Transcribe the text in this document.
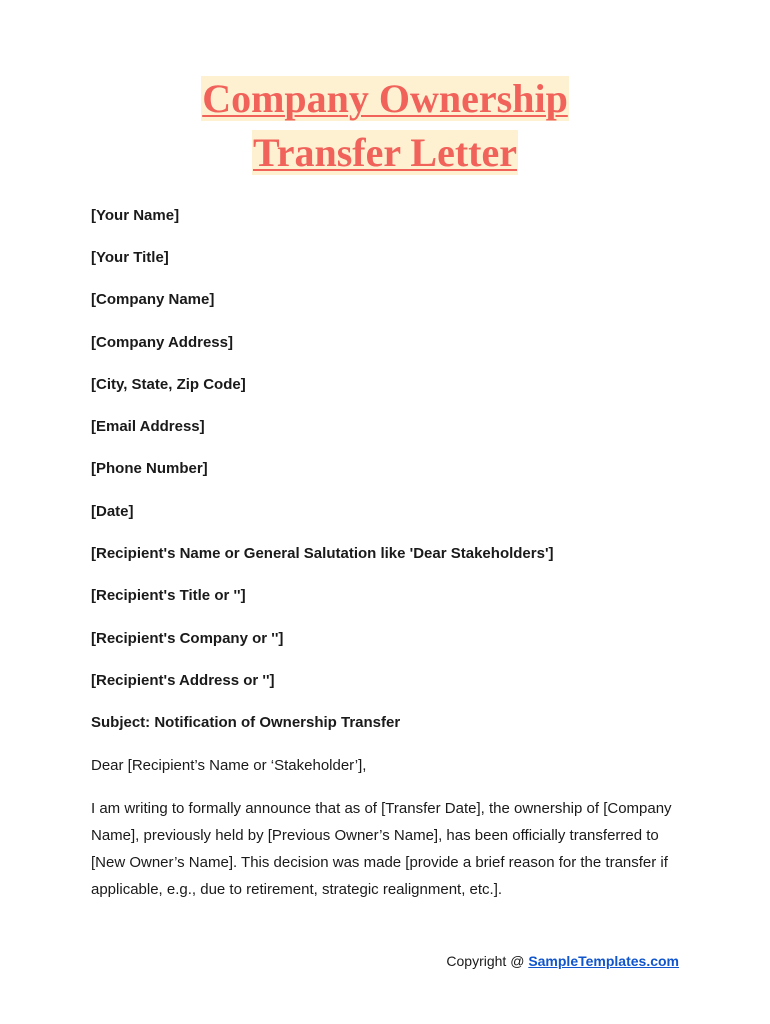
Company Ownership
Transfer Letter
[Your Name]
[Your Title]
[Company Name]
[Company Address]
[City, State, Zip Code]
[Email Address]
[Phone Number]
[Date]
[Recipient's Name or General Salutation like 'Dear Stakeholders']
[Recipient's Title or '']
[Recipient's Company or '']
[Recipient's Address or '']
Subject: Notification of Ownership Transfer
Dear [Recipient’s Name or ‘Stakeholder’],
I am writing to formally announce that as of [Transfer Date], the ownership of [Company Name], previously held by [Previous Owner’s Name], has been officially transferred to [New Owner’s Name]. This decision was made [provide a brief reason for the transfer if applicable, e.g., due to retirement, strategic realignment, etc.].
Copyright @ SampleTemplates.com
